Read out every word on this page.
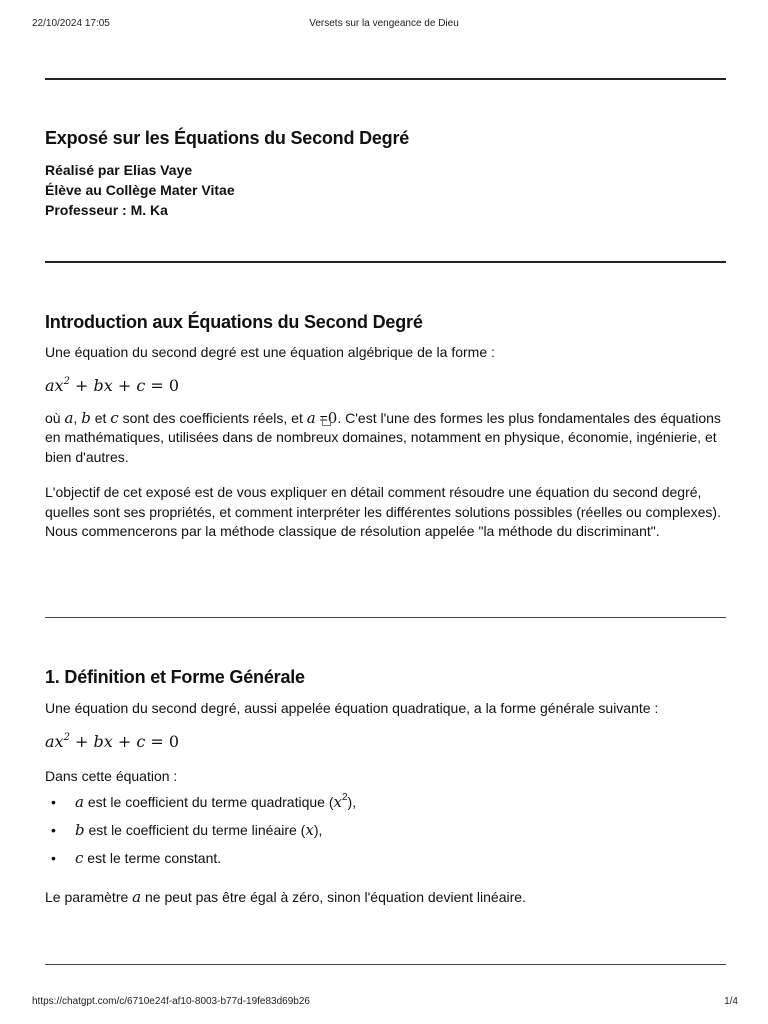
Versets sur la vengeance de Dieu
22/10/2024 17:05
Exposé sur les Équations du Second Degré

Réalisé par Elias Vaye

Élève au Collège Mater Vitae

Professeur : M. Ka

Introduction aux Équations du Second Degré

Une équation du second degré est une équation algébrique de la forme :

$ax^2$ + bx + c = 0

où a, b et c sont des coefficients réels, et a =0. C'est l'une des formes les plus fondamentales des équations en mathématiques, utilisées dans de nombreux domaines, notamment en physique, économie, ingénierie, et bien d'autres.

L'objectif de cet exposé est de vous expliquer en détail comment résoudre une équation du second degré, quelles sont ses propriétés, et comment interpréter les différentes solutions possibles (réelles ou complexes). Nous commencerons par la méthode classique de résolution appelée "la méthode du discriminant".

1. Définition et Forme Générale

Une équation du second degré, aussi appelée équation quadratique, a la forme générale suivante :

$ax^2$ + bx + c = 0

Dans cette équation :

• a est le coefficient du terme quadratique $(x^2)$,
• b est le coefficient du terme linéaire (x),
• c est le terme constant.

Le paramètre a ne peut pas être égal à zéro, sinon l'équation devient linéaire.

https://chatgpt.com/c/6710e24f-af10-8003-b77d-19fe83d69b26	1/4
